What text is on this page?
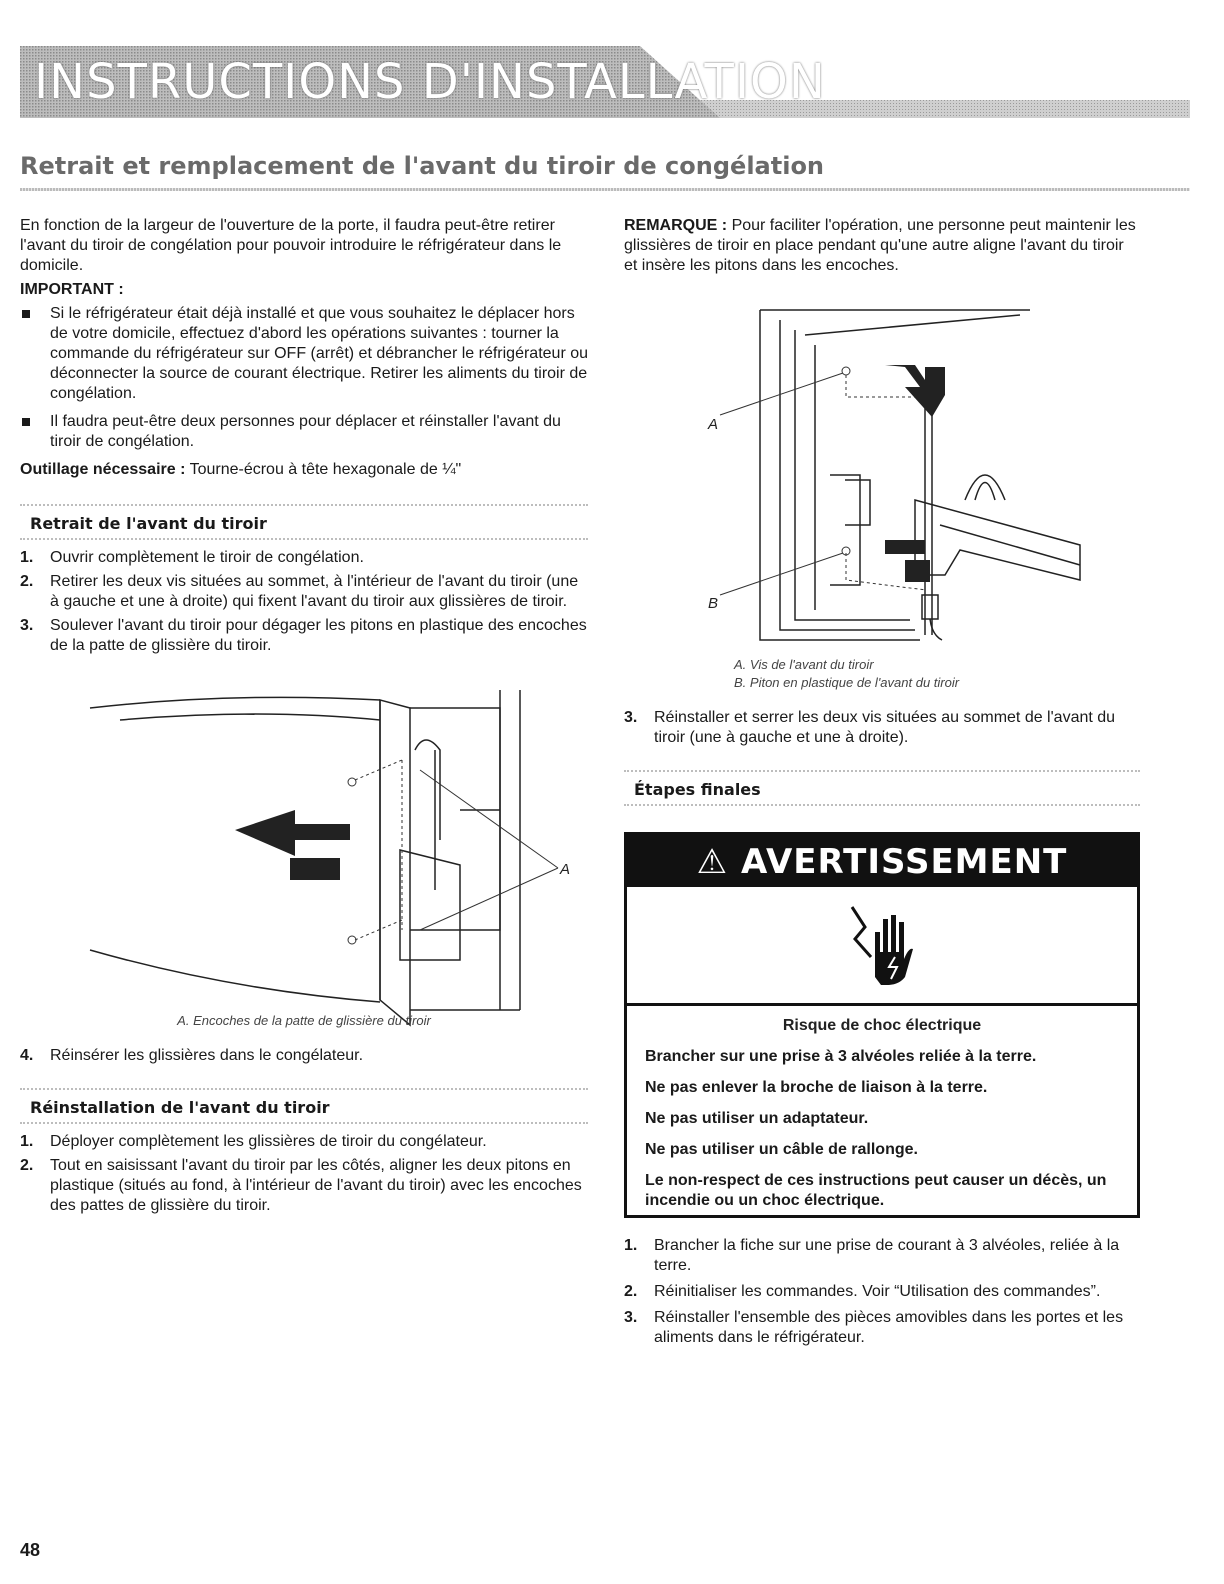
INSTRUCTIONS D'INSTALLATION
Retrait et remplacement de l'avant du tiroir de congélation

En fonction de la largeur de l'ouverture de la porte, il faudra peut-être retirer l'avant du tiroir de congélation pour pouvoir introduire le réfrigérateur dans le domicile.

IMPORTANT :

Si le réfrigérateur était déjà installé et que vous souhaitez le déplacer hors de votre domicile, effectuez d'abord les opérations suivantes : tourner la commande du réfrigérateur sur OFF (arrêt) et débrancher le réfrigérateur ou déconnecter la source de courant électrique. Retirer les aliments du tiroir de congélation.
Il faudra peut-être deux personnes pour déplacer et réinstaller l'avant du tiroir de congélation.

Outillage nécessaire : Tourne-écrou à tête hexagonale de ¼"

Retrait de l'avant du tiroir
1. Ouvrir complètement le tiroir de congélation.
2. Retirer les deux vis situées au sommet, à l'intérieur de l'avant du tiroir (une à gauche et une à droite) qui fixent l'avant du tiroir aux glissières de tiroir.
3. Soulever l'avant du tiroir pour dégager les pitons en plastique des encoches de la patte de glissière du tiroir.
A

A. Encoches de la patte de glissière du tiroir

4. Réinsérer les glissières dans le congélateur.
Réinstallation de l'avant du tiroir
1. Déployer complètement les glissières de tiroir du congélateur.
2. Tout en saisissant l'avant du tiroir par les côtés, aligner les deux pitons en plastique (situés au fond, à l'intérieur de l'avant du tiroir) avec les encoches des pattes de glissière du tiroir.

REMARQUE : Pour faciliter l'opération, une personne peut maintenir les glissières de tiroir en place pendant qu'une autre aligne l'avant du tiroir et insère les pitons dans les encoches.

A
B

A. Vis de l'avant du tiroir

B. Piton en plastique de l'avant du tiroir

3. Réinstaller et serrer les deux vis situées au sommet de l'avant du tiroir (une à gauche et une à droite).
Étapes finales
⚠ AVERTISSEMENT

Risque de choc électrique

Brancher sur une prise à 3 alvéoles reliée à la terre.

Ne pas enlever la broche de liaison à la terre.

Ne pas utiliser un adaptateur.

Ne pas utiliser un câble de rallonge.

Le non-respect de ces instructions peut causer un décès, un incendie ou un choc électrique.

1. Brancher la fiche sur une prise de courant à 3 alvéoles, reliée à la terre.
2. Réinitialiser les commandes. Voir “Utilisation des commandes”.
3. Réinstaller l'ensemble des pièces amovibles dans les portes et les aliments dans le réfrigérateur.
48
